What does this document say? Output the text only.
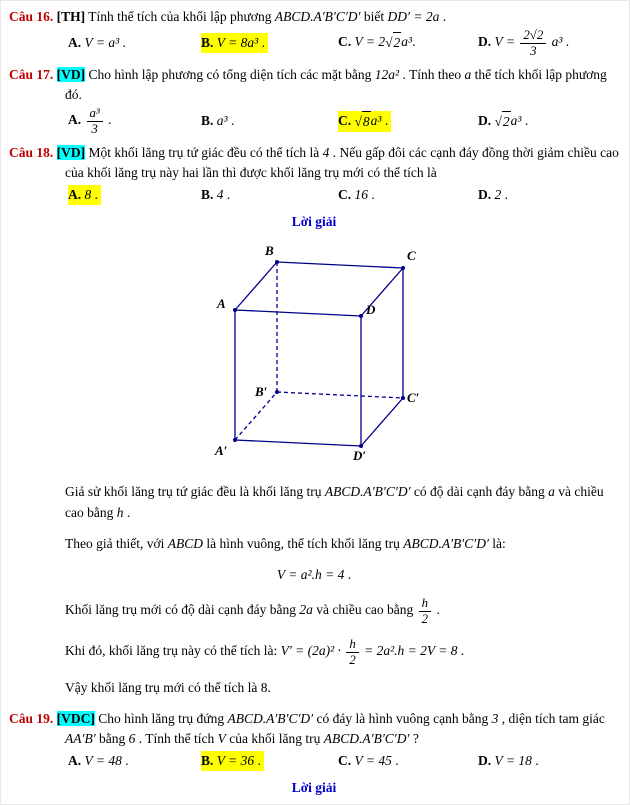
Câu 16. [TH] Tính thể tích của khối lập phương ABCD.A′B′C′D′ biết DD′ = 2a .

A. V = a³ .	B. V = 8a³ .	C. V = 2 √ 2 a³.	D. $V = \frac{2√2}{3} a^3$ .

Câu 17. [VD] Cho hình lập phương có tổng diện tích các mặt bằng 12a² . Tính theo a thể tích khối lập phương đó.

A. $\frac{\text{a³}}{3}$ .	B. a³ .	C. √ 8 a³ .	D. √ 2 a³ .

Câu 18. [VD] Một khối lăng trụ tứ giác đều có thể tích là 4 . Nếu gấp đôi các cạnh đáy đồng thời giảm chiều cao của khối lăng trụ này hai lần thì được khối lăng trụ mới có thể tích là

A. 8 .	B. 4 .	C. 16 .	D. 2 .

Lời giải

A
B	C
D
A′
B′	C′
D′

Giả sử khối lăng trụ tứ giác đều là khối lăng trụ ABCD.A′B′C′D′ có độ dài cạnh đáy bằng a và chiều cao bằng h .

Theo giả thiết, với ABCD là hình vuông, thể tích khối lăng trụ ABCD.A′B′C′D′ là:

V = a².h = 4 .

Khối lăng trụ mới có độ dài cạnh đáy bằng 2a và chiều cao bằng $\frac{h}{2}$ .

Khi đó, khối lăng trụ này có thể tích là: $V' = (2a)^2 \cdot \frac{h}{2} = 2a^2.h = 2V = 8$ .

Vậy khối lăng trụ mới có thể tích là 8.

Câu 19. [VDC] Cho hình lăng trụ đứng ABCD.A′B′C′D′ có đáy là hình vuông cạnh bằng 3 , diện tích tam giác AA′B′ bằng 6 . Tính thể tích V của khối lăng trụ ABCD.A′B′C′D′ ?

A. V = 48 .	B. V = 36 .	C. V = 45 .	D. V = 18 .

Lời giải
